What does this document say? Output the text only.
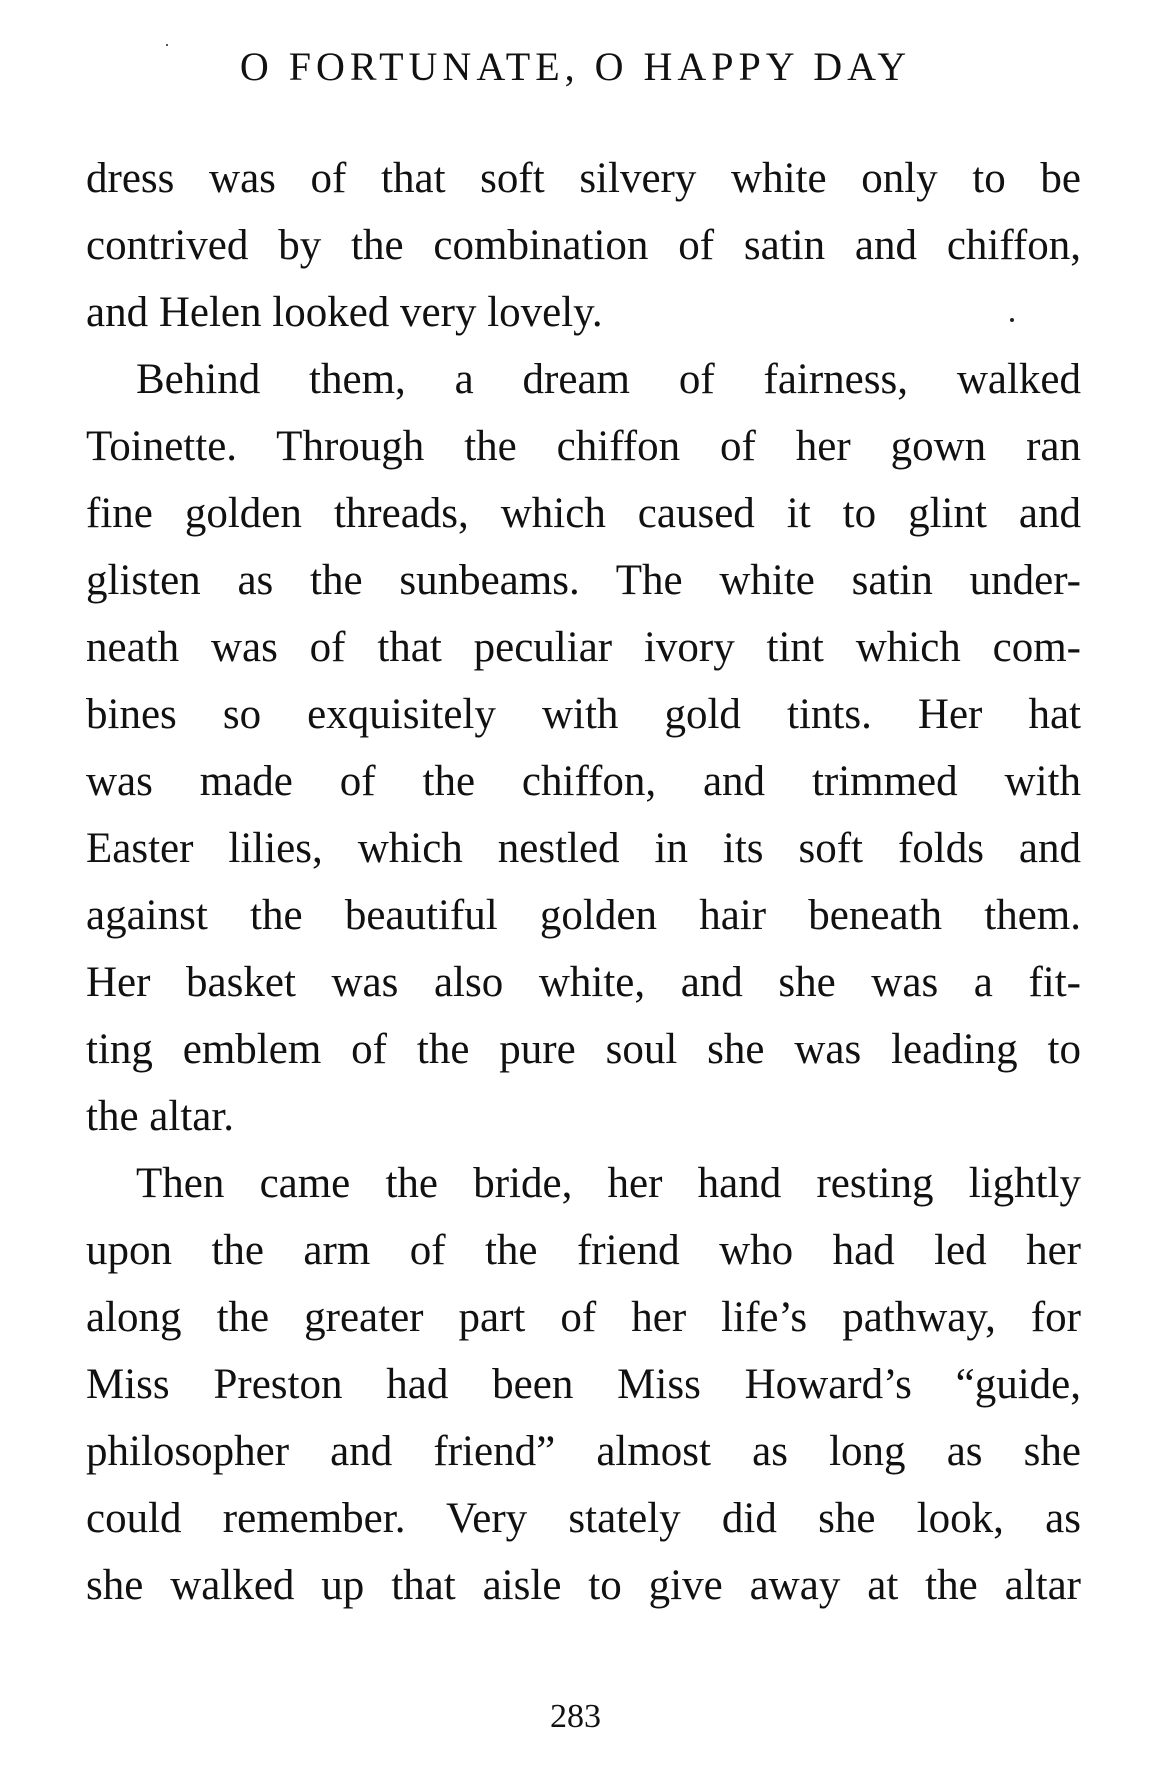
O FORTUNATE, O HAPPY DAY
dress was of that soft silvery white only to be
contrived by the combination of satin and chiffon,
and Helen looked very lovely.
Behind them, a dream of fairness, walked
Toinette. Through the chiffon of her gown ran
fine golden threads, which caused it to glint and
glisten as the sunbeams. The white satin under-
neath was of that peculiar ivory tint which com-
bines so exquisitely with gold tints. Her hat
was made of the chiffon, and trimmed with
Easter lilies, which nestled in its soft folds and
against the beautiful golden hair beneath them.
Her basket was also white, and she was a fit-
ting emblem of the pure soul she was leading to
the altar.
Then came the bride, her hand resting lightly
upon the arm of the friend who had led her
along the greater part of her life’s pathway, for
Miss Preston had been Miss Howard’s “guide,
philosopher and friend” almost as long as she
could remember. Very stately did she look, as
she walked up that aisle to give away at the altar
283
